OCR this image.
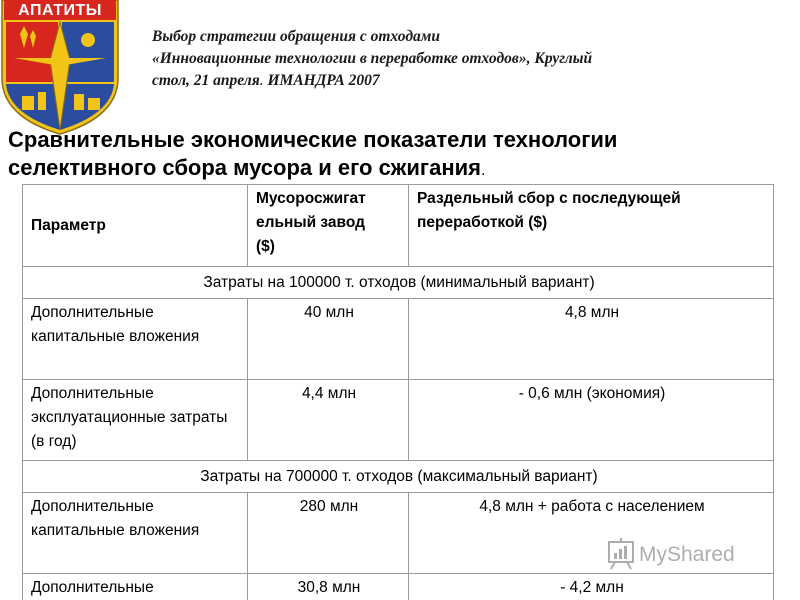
АПАТИТЫ
Выбор стратегии обращения с отходами
«Инновационные технологии в переработке отходов», Круглый
стол, 21 апреля. ИМАНДРА 2007
Сравнительные экономические показатели технологии
селективного сбора мусора и его сжигания.
Параметр	Мусоросжигат
ельный завод
($)	Раздельный сбор с последующей переработкой ($)
Затраты на 100000 т. отходов (минимальный вариант)		
Дополнительные капитальные вложения	40 млн	4,8 млн
Дополнительные эксплуатационные затраты (в год)	4,4 млн	- 0,6 млн (экономия)
Затраты на 700000 т. отходов (максимальный вариант)		
Дополнительные капитальные вложения	280 млн	4,8 млн + работа с населением
Дополнительные	30,8 млн	- 4,2 млн
MyShared
